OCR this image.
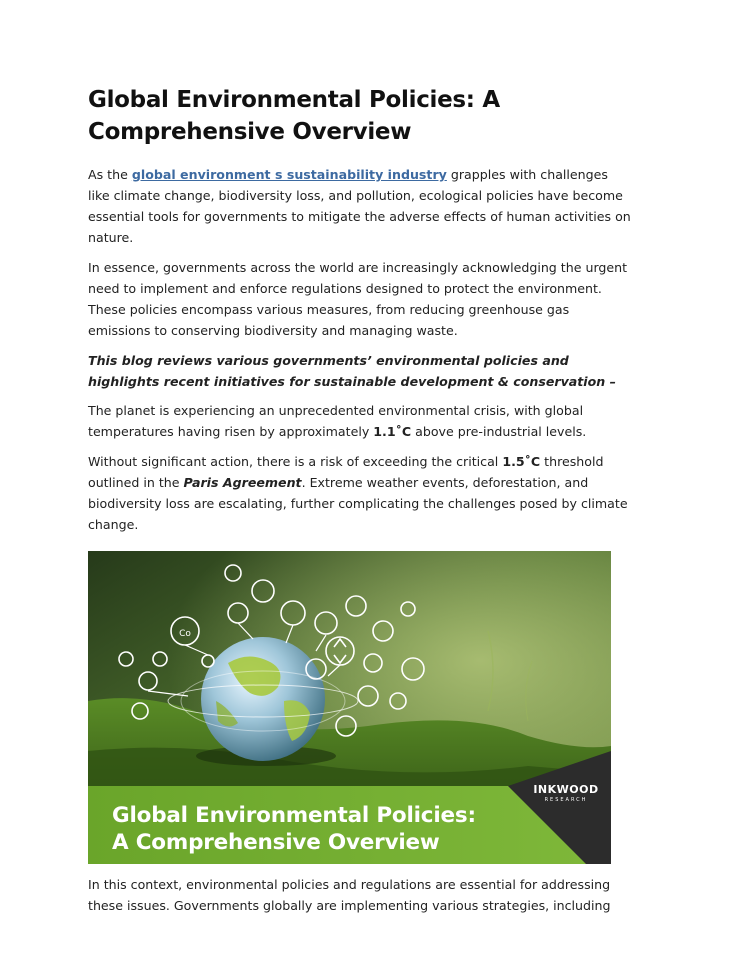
Global Environmental Policies: A Comprehensive Overview

As the global environment s sustainability industry grapples with challenges like climate change, biodiversity loss, and pollution, ecological policies have become essential tools for governments to mitigate the adverse effects of human activities on nature.

In essence, governments across the world are increasingly acknowledging the urgent need to implement and enforce regulations designed to protect the environment. These policies encompass various measures, from reducing greenhouse gas emissions to conserving biodiversity and managing waste.

This blog reviews various governments’ environmental policies and highlights recent initiatives for sustainable development & conservation –

The planet is experiencing an unprecedented environmental crisis, with global temperatures having risen by approximately 1.1˚C above pre-industrial levels.

Without significant action, there is a risk of exceeding the critical 1.5˚C threshold outlined in the Paris Agreement. Extreme weather events, deforestation, and biodiversity loss are escalating, further complicating the challenges posed by climate change.

Co
Global Environmental Policies:
A Comprehensive Overview
INKWOOD
RESEARCH

In this context, environmental policies and regulations are essential for addressing these issues. Governments globally are implementing various strategies, including
